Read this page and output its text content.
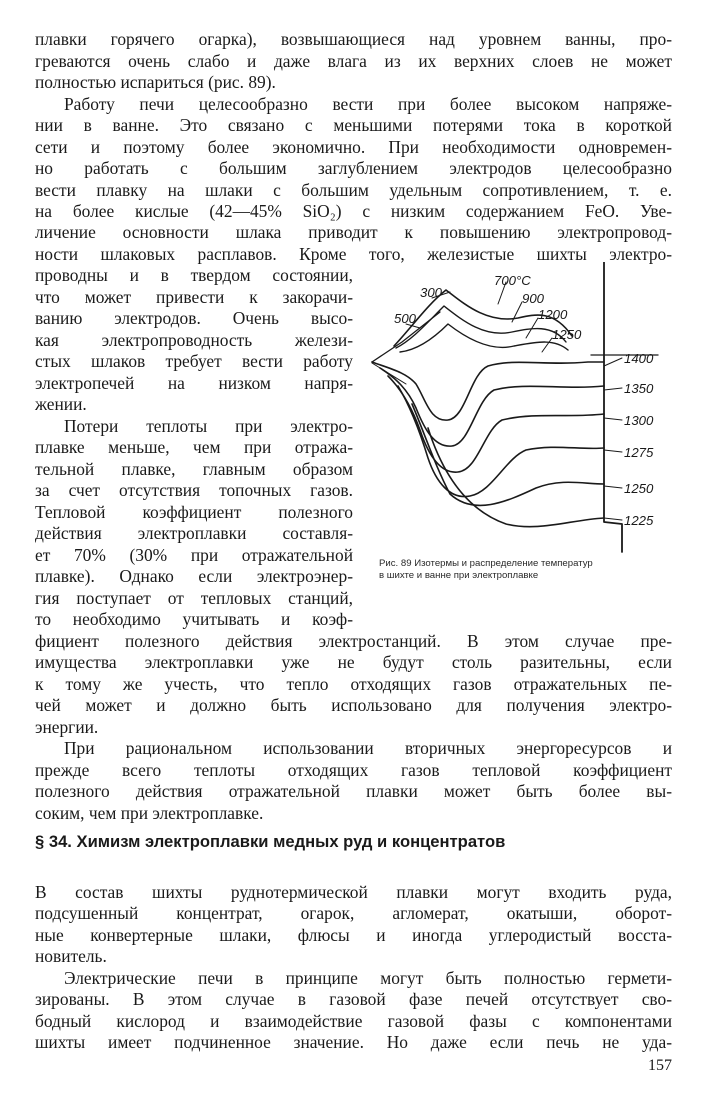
плавки горячего огарка), возвышающиеся над уровнем ванны, про-
греваются очень слабо и даже влага из их верхних слоев не может
полностью испариться (рис. 89).
Работу печи целесообразно вести при более высоком напряже-
нии в ванне. Это связано с меньшими потерями тока в короткой
сети и поэтому более экономично. При необходимости одновремен-
но работать с большим заглублением электродов целесообразно
вести плавку на шлаки с большим удельным сопротивлением, т. е.
на более кислые (42—45% SiO₂) с низким содержанием FeO. Уве-
личение основности шлака приводит к повышению электропровод-
ности шлаковых расплавов. Кроме того, железистые шихты электро-
проводны и в твердом состоянии,
что может привести к закорачи-
ванию электродов. Очень высо-
кая электропроводность желези-
стых шлаков требует вести работу
электропечей на низком напря-
жении.
Потери теплоты при электро-
плавке меньше, чем при отража-
тельной плавке, главным образом
за счет отсутствия топочных газов.
Тепловой коэффициент полезного
действия электроплавки составля-
ет 70% (30% при отражательной
плавке). Однако если электроэнер-
гия поступает от тепловых станций,
то необходимо учитывать и коэф-
фициент полезного действия электростанций. В этом случае пре-
имущества электроплавки уже не будут столь разительны, если
к тому же учесть, что тепло отходящих газов отражательных пе-
чей может и должно быть использовано для получения электро-
энергии.
При рациональном использовании вторичных энергоресурсов и
прежде всего теплоты отходящих газов тепловой коэффициент
полезного действия отражательной плавки может быть более вы-
соким, чем при электроплавке.
§ 34. Химизм электроплавки медных руд и концентратов
В состав шихты руднотермической плавки могут входить руда,
подсушенный концентрат, огарок, агломерат, окатыши, оборот-
ные конвертерные шлаки, флюсы и иногда углеродистый восста-
новитель.
Электрические печи в принципе могут быть полностью гермети-
зированы. В этом случае в газовой фазе печей отсутствует сво-
бодный кислород и взаимодействие газовой фазы с компонентами
шихты имеет подчиненное значение. Но даже если печь не уда-
157
300
700°C
900
500	1200
1250
1400
1350
1300
1275
1250
1225
Рис. 89 Изотермы и распределение температур
в шихте и ванне при электроплавке
